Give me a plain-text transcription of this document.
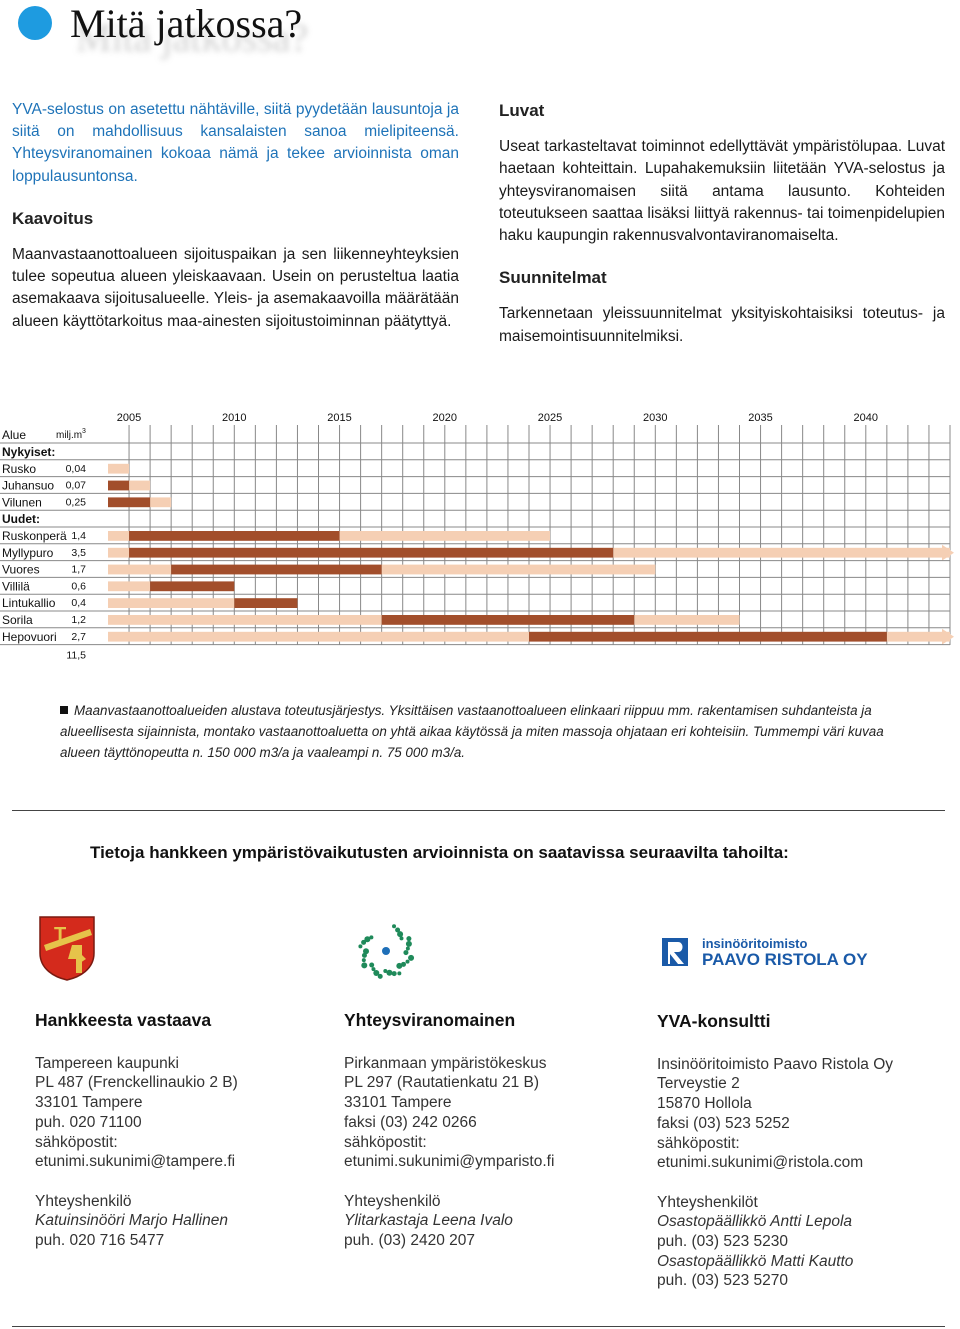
Mitä jatkossa?

YVA-selostus on asetettu nähtäville, siitä pyydetään lausuntoja ja siitä on mahdollisuus kansalaisten sanoa mielipiteensä. Yhteysviranomainen kokoaa nämä ja tekee arvioinnista oman loppulausuntonsa.

Kaavoitus

Maanvastaanottoalueen sijoituspaikan ja sen liikenneyhteyksien tulee sopeutua alueen yleiskaavaan. Usein on perusteltua laatia asemakaava sijoitusalueelle. Yleis- ja asemakaavoilla määrätään alueen käyttötarkoitus maa-ainesten sijoitustoiminnan päätyttyä.

Luvat

Useat tarkasteltavat toiminnot edellyttävät ympäristölupaa. Luvat haetaan kohteittain. Lupahakemuksiin liitetään YVA-selostus ja yhteysviranomaisen siitä antama lausunto. Kohteiden toteutukseen saattaa lisäksi liittyä rakennus- tai toimenpidelupien haku kaupungin rakennusvalvontaviranomaiselta.

Suunnitelmat

Tarkennetaan yleissuunnitelmat yksityiskohtaisiksi toteutus- ja maisemointisuunnitelmiksi.

2005	2010	2015	2020	2025	2030	2035	2040
Alue	milj.m 3
Nykyiset:
Rusko	0,04
Juhansuo 0,07
Vilunen 0,25
Uudet:
Ruskonperä 1,4
Myllypuro 3,5
Vuores	1,7
Villilä	0,6
Lintukallio 0,4
Sorila	1,2
Hepovuori 2,7
11,5
Maanvastaanottoalueiden alustava toteutusjärjestys. Yksittäisen vastaanottoalueen elinkaari riippuu mm. rakentamisen suhdanteista ja alueellisesta sijainnista, montako vastaanottoaluetta on yhtä aikaa käytössä ja miten massoja ohjataan eri kohteisiin. Tummempi väri kuvaa alueen täyttönopeutta n. 150 000 m3/a ja vaaleampi n. 75 000 m3/a.
Tietoja hankkeen ympäristövaikutusten arvioinnista on saatavissa seuraavilta tahoilta:
T	insinööritoimisto
PAAVO RISTOLA OY
Hankkeesta vastaava
Tampereen kaupunki
PL 487 (Frenckellinaukio 2 B)
33101 Tampere
puh. 020 71100
sähköpostit:
etunimi.sukunimi@tampere.fi
Yhteyshenkilö
Katuinsinööri Marjo Hallinen
puh. 020 716 5477
Yhteysviranomainen
Pirkanmaan ympäristökeskus
PL 297 (Rautatienkatu 21 B)
33101 Tampere
faksi (03) 242 0266
sähköpostit:
etunimi.sukunimi@ymparisto.fi
Yhteyshenkilö
Ylitarkastaja Leena Ivalo
puh. (03) 2420 207
YVA-konsultti
Insinööritoimisto Paavo Ristola Oy
Terveystie 2
15870 Hollola
faksi (03) 523 5252
sähköpostit:
etunimi.sukunimi@ristola.com
Yhteyshenkilöt
Osastopäällikkö Antti Lepola
puh. (03) 523 5230
Osastopäällikkö Matti Kautto
puh. (03) 523 5270
